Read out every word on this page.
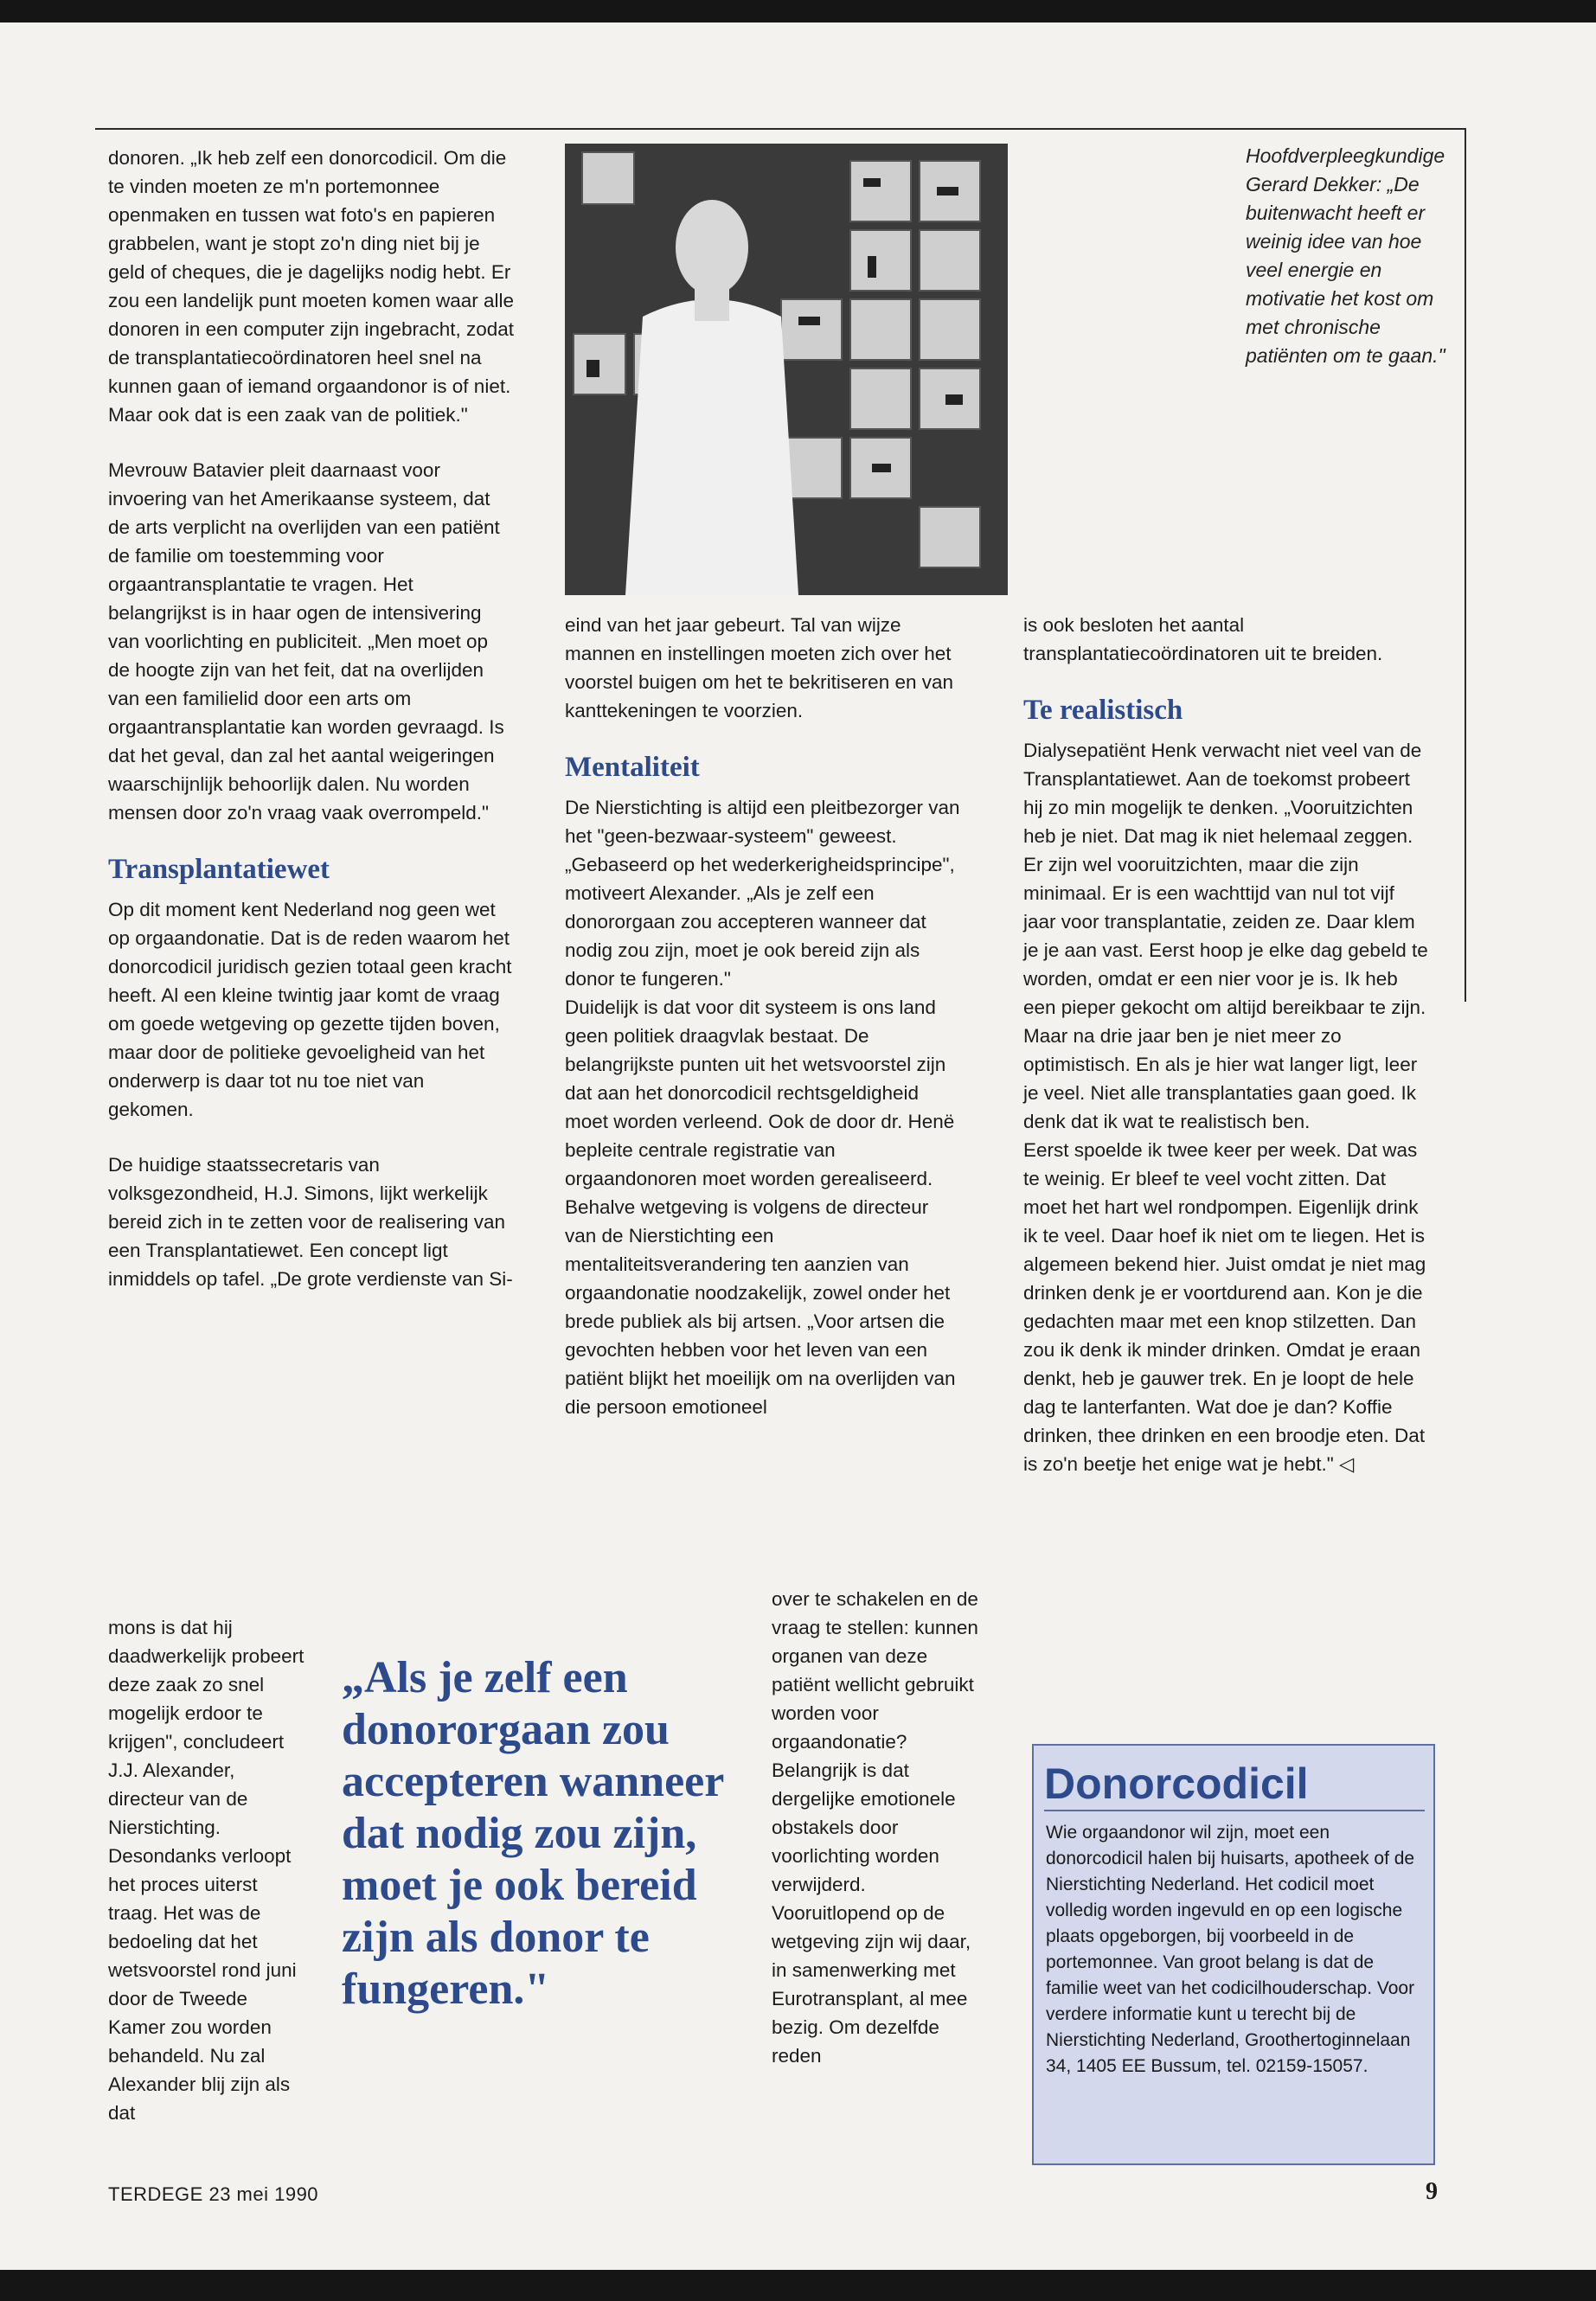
donoren. „Ik heb zelf een donorcodicil. Om die te vinden moeten ze m'n portemonnee openmaken en tussen wat foto's en papieren grabbelen, want je stopt zo'n ding niet bij je geld of cheques, die je dagelijks nodig hebt. Er zou een landelijk punt moeten komen waar alle donoren in een computer zijn ingebracht, zodat de transplantatiecoördinatoren heel snel na kunnen gaan of iemand orgaandonor is of niet. Maar ook dat is een zaak van de politiek."

Mevrouw Batavier pleit daarnaast voor invoering van het Amerikaanse systeem, dat de arts verplicht na overlijden van een patiënt de familie om toestemming voor orgaantransplantatie te vragen. Het belangrijkst is in haar ogen de intensivering van voorlichting en publiciteit. „Men moet op de hoogte zijn van het feit, dat na overlijden van een familielid door een arts om orgaantransplantatie kan worden gevraagd. Is dat het geval, dan zal het aantal weigeringen waarschijnlijk behoorlijk dalen. Nu worden mensen door zo'n vraag vaak overrompeld."

Transplantatiewet

Op dit moment kent Nederland nog geen wet op orgaandonatie. Dat is de reden waarom het donorcodicil juridisch gezien totaal geen kracht heeft. Al een kleine twintig jaar komt de vraag om goede wetgeving op gezette tijden boven, maar door de politieke gevoeligheid van het onderwerp is daar tot nu toe niet van gekomen.

De huidige staatssecretaris van volksgezondheid, H.J. Simons, lijkt werkelijk bereid zich in te zetten voor de realisering van een Transplantatiewet. Een concept ligt inmiddels op tafel. „De grote verdienste van Si-

mons is dat hij daadwerkelijk probeert deze zaak zo snel mogelijk erdoor te krijgen", concludeert J.J. Alexander, directeur van de Nierstichting. Desondanks verloopt het proces uiterst traag. Het was de bedoeling dat het wetsvoorstel rond juni door de Tweede Kamer zou worden behandeld. Nu zal Alexander blij zijn als dat
Hoofdverpleegkundige Gerard Dekker: „De buitenwacht heeft er weinig idee van hoe veel energie en motivatie het kost om met chronische patiënten om te gaan."

eind van het jaar gebeurt. Tal van wijze mannen en instellingen moeten zich over het voorstel buigen om het te bekritiseren en van kanttekeningen te voorzien.

Mentaliteit

De Nierstichting is altijd een pleitbezorger van het "geen-bezwaar-systeem" geweest. „Gebaseerd op het wederkerigheidsprincipe", motiveert Alexander. „Als je zelf een donororgaan zou accepteren wanneer dat nodig zou zijn, moet je ook bereid zijn als donor te fungeren."

Duidelijk is dat voor dit systeem is ons land geen politiek draagvlak bestaat. De belangrijkste punten uit het wetsvoorstel zijn dat aan het donorcodicil rechtsgeldigheid moet worden verleend. Ook de door dr. Henë bepleite centrale registratie van orgaandonoren moet worden gerealiseerd.

Behalve wetgeving is volgens de directeur van de Nierstichting een mentaliteitsverandering ten aanzien van orgaandonatie noodzakelijk, zowel onder het brede publiek als bij artsen. „Voor artsen die gevochten hebben voor het leven van een patiënt blijkt het moeilijk om na overlijden van die persoon emotioneel

over te schakelen en de vraag te stellen: kunnen organen van deze patiënt wellicht gebruikt worden voor orgaandonatie? Belangrijk is dat dergelijke emotionele obstakels door voorlichting worden verwijderd. Vooruitlopend op de wetgeving zijn wij daar, in samenwerking met Eurotransplant, al mee bezig. Om dezelfde reden
„Als je zelf een donororgaan zou accepteren wanneer dat nodig zou zijn, moet je ook bereid zijn als donor te fungeren."

is ook besloten het aantal transplantatiecoördinatoren uit te breiden.

Te realistisch

Dialysepatiënt Henk verwacht niet veel van de Transplantatiewet. Aan de toekomst probeert hij zo min mogelijk te denken. „Vooruitzichten heb je niet. Dat mag ik niet helemaal zeggen. Er zijn wel vooruitzichten, maar die zijn minimaal. Er is een wachttijd van nul tot vijf jaar voor transplantatie, zeiden ze. Daar klem je je aan vast. Eerst hoop je elke dag gebeld te worden, omdat er een nier voor je is. Ik heb een pieper gekocht om altijd bereikbaar te zijn. Maar na drie jaar ben je niet meer zo optimistisch. En als je hier wat langer ligt, leer je veel. Niet alle transplantaties gaan goed. Ik denk dat ik wat te realistisch ben.

Eerst spoelde ik twee keer per week. Dat was te weinig. Er bleef te veel vocht zitten. Dat moet het hart wel rondpompen. Eigenlijk drink ik te veel. Daar hoef ik niet om te liegen. Het is algemeen bekend hier. Juist omdat je niet mag drinken denk je er voortdurend aan. Kon je die gedachten maar met een knop stilzetten. Dan zou ik denk ik minder drinken. Omdat je eraan denkt, heb je gauwer trek. En je loopt de hele dag te lanterfanten. Wat doe je dan? Koffie drinken, thee drinken en een broodje eten. Dat is zo'n beetje het enige wat je hebt." ◁

Donorcodicil
Wie orgaandonor wil zijn, moet een donorcodicil halen bij huisarts, apotheek of de Nierstichting Nederland. Het codicil moet volledig worden ingevuld en op een logische plaats opgeborgen, bij voorbeeld in de portemonnee. Van groot belang is dat de familie weet van het codicilhouderschap. Voor verdere informatie kunt u terecht bij de Nierstichting Nederland, Groothertoginnelaan 34, 1405 EE Bussum, tel. 02159-15057.
TERDEGE 23 mei 1990	9
